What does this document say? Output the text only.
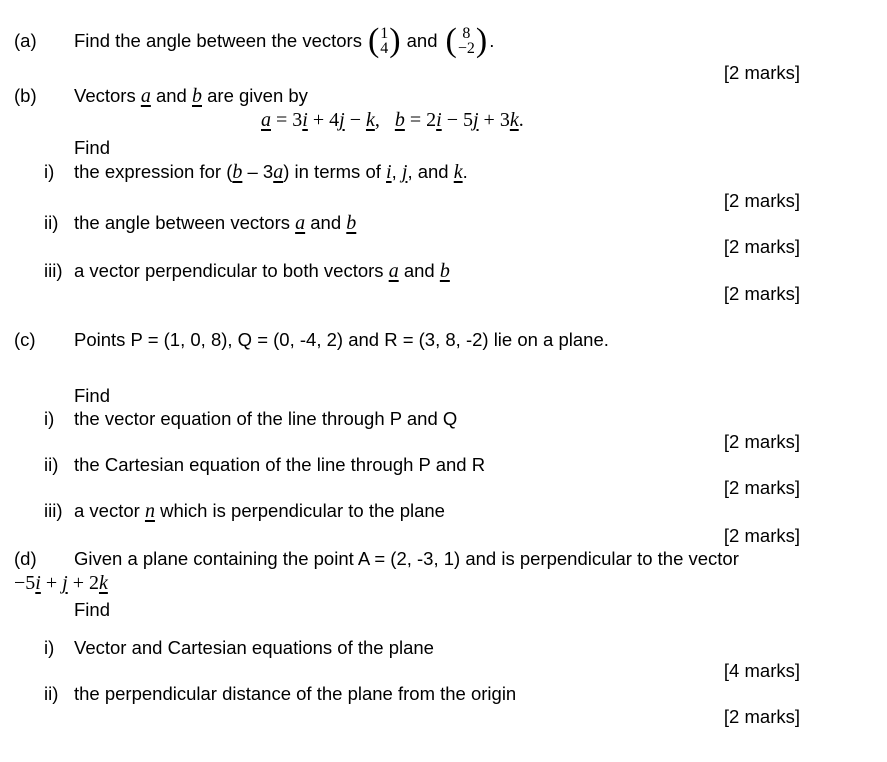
(a) Find the angle between the vectors ( 1
4 ) and ( 8
−2 ) .
[2 marks]
(b) Vectors a and b are given by
a = 3i + 4j − k,   b = 2i − 5j + 3k.
Find
i) the expression for (b – 3a) in terms of i, j, and k.
[2 marks]
ii) the angle between vectors a and b
[2 marks]
iii) a vector perpendicular to both vectors a and b
[2 marks]
(c) Points P = (1, 0, 8), Q = (0, -4, 2) and R = (3, 8, -2) lie on a plane.
Find
i) the vector equation of the line through P and Q
[2 marks]
ii) the Cartesian equation of the line through P and R
[2 marks]
iii) a vector n which is perpendicular to the plane
[2 marks]
(d) Given a plane containing the point A = (2, -3, 1) and is perpendicular to the vector
−5i + j + 2k
Find
i) Vector and Cartesian equations of the plane
[4 marks]
ii) the perpendicular distance of the plane from the origin
[2 marks]
